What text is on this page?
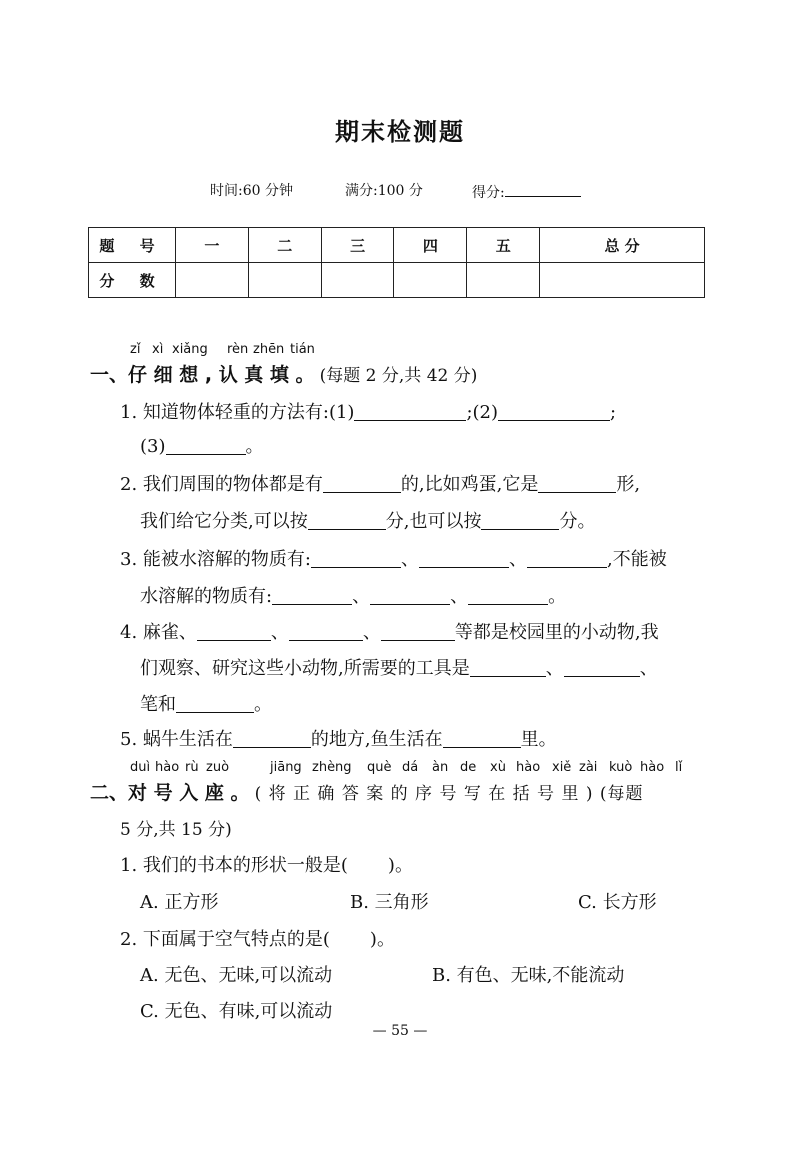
期末检测题
时间:60 分钟	满分:100 分	得分:
题 号	一	二	三	四	五	总 分
分 数						
zǐ xì xiǎng rèn zhēn tián
一、仔 细 想 , 认 真 填 。 (每题 2 分,共 42 分)
1. 知道物体轻重的方法有:(1)	;(2)	;
(3)	。
2. 我们周围的物体都是有	的,比如鸡蛋,它是	形,
我们给它分类,可以按	分,也可以按	分。
3. 能被水溶解的物质有:	、	、	,不能被
水溶解的物质有:	、	、	。
4. 麻雀、	、	、	等都是校园里的小动物,我
们观察、研究这些小动物,所需要的工具是	、	、
笔和	。
5. 蜗牛生活在	的地方,鱼生活在	里。
duì hào rù zuò	jiāng zhèng què dá àn de xù hào xiě zài kuò hào lǐ
二、对 号 入 座 。 ( 将 正 确 答 案 的 序 号 写 在 括 号 里 ) (每题
5 分,共 15 分)
1. 我们的书本的形状一般是( )。
A. 正方形	B. 三角形	C. 长方形
2. 下面属于空气特点的是( )。
A. 无色、无味,可以流动	B. 有色、无味,不能流动
C. 无色、有味,可以流动
— 55 —
